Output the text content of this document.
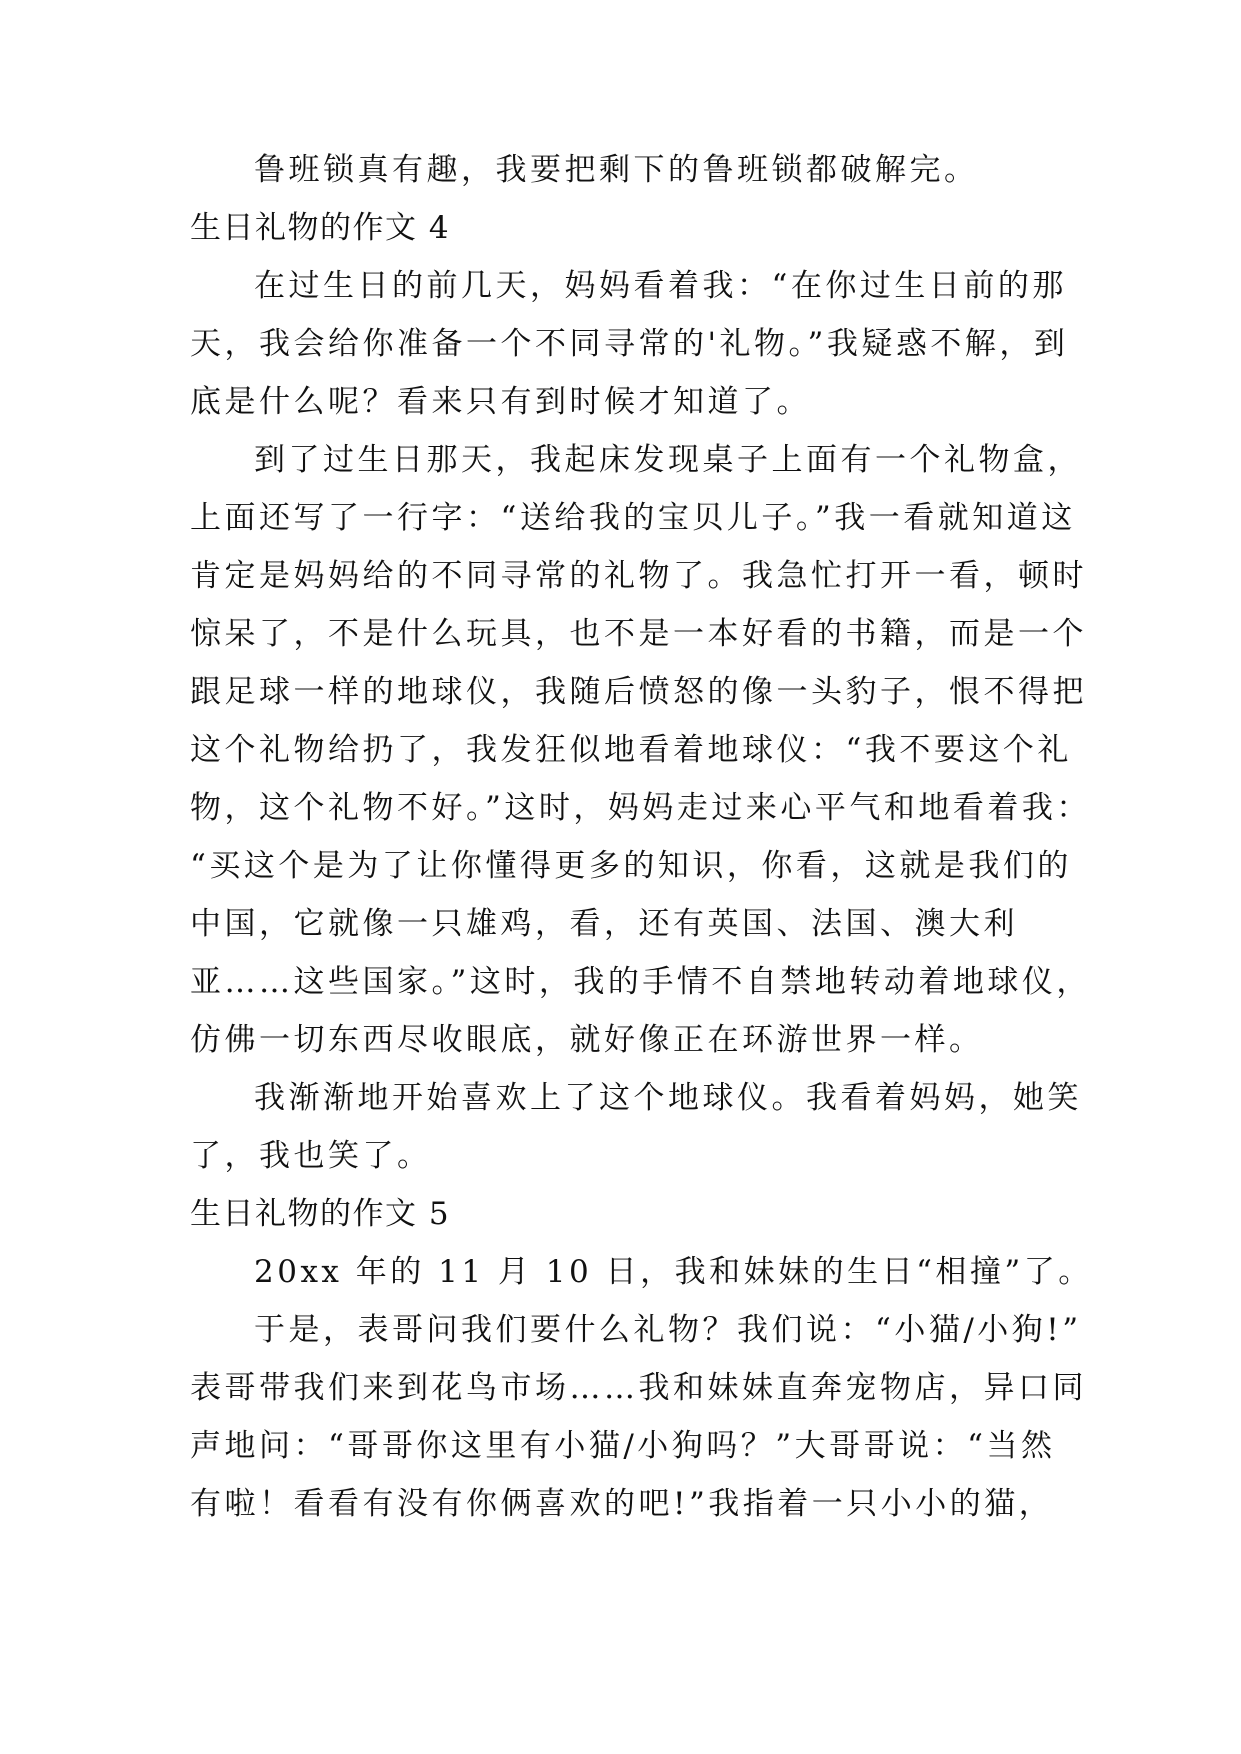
鲁班锁真有趣，我要把剩下的鲁班锁都破解完。
生日礼物的作文 4
在过生日的前几天，妈妈看着我：“在你过生日前的那
天，我会给你准备一个不同寻常的'礼物。”我疑惑不解，到
底是什么呢？看来只有到时候才知道了。
到了过生日那天，我起床发现桌子上面有一个礼物盒，
上面还写了一行字：“送给我的宝贝儿子。”我一看就知道这
肯定是妈妈给的不同寻常的礼物了。我急忙打开一看，顿时
惊呆了，不是什么玩具，也不是一本好看的书籍，而是一个
跟足球一样的地球仪，我随后愤怒的像一头豹子，恨不得把
这个礼物给扔了，我发狂似地看着地球仪：“我不要这个礼
物，这个礼物不好。”这时，妈妈走过来心平气和地看着我：
“买这个是为了让你懂得更多的知识，你看，这就是我们的
中国，它就像一只雄鸡，看，还有英国、法国、澳大利
亚……这些国家。”这时，我的手情不自禁地转动着地球仪，
仿佛一切东西尽收眼底，就好像正在环游世界一样。
我渐渐地开始喜欢上了这个地球仪。我看着妈妈，她笑
了，我也笑了。
生日礼物的作文 5
20xx 年的 11 月 10 日，我和妹妹的生日“相撞”了。
于是，表哥问我们要什么礼物？我们说：“小猫/小狗!”
表哥带我们来到花鸟市场……我和妹妹直奔宠物店，异口同
声地问：“哥哥你这里有小猫/小狗吗？”大哥哥说：“当然
有啦！看看有没有你俩喜欢的吧!”我指着一只小小的猫，
